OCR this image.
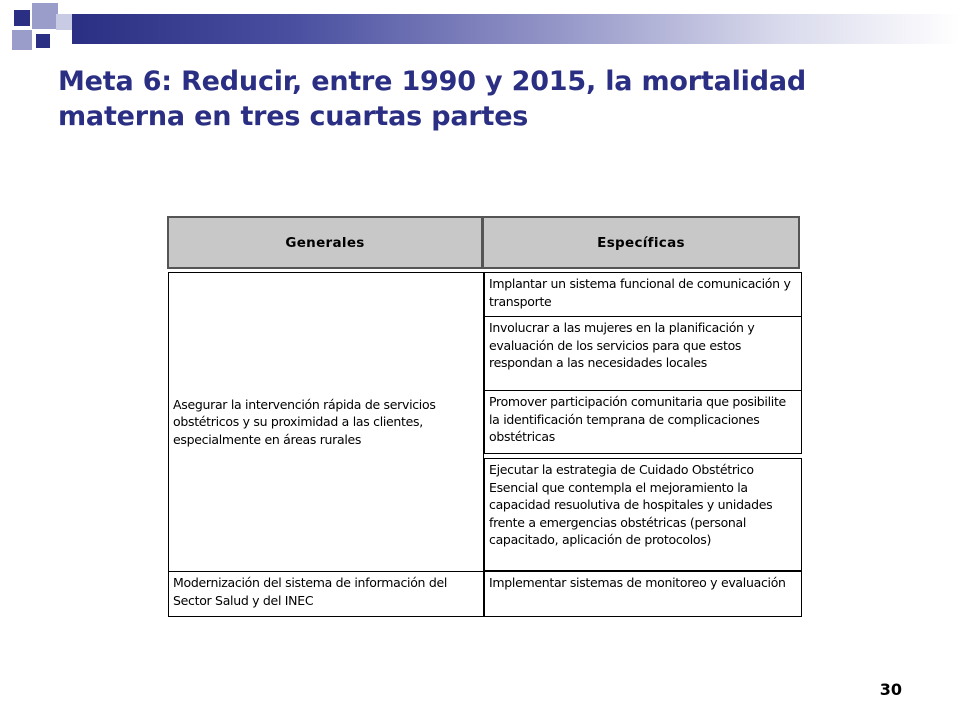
Meta 6: Reducir, entre 1990 y 2015, la mortalidad materna en tres cuartas partes
Generales	Específicas
Asegurar la intervención rápida de servicios obstétricos y su proximidad a las clientes, especialmente en áreas rurales
Modernización del sistema de información del Sector Salud y del INEC
Implantar un sistema funcional de comunicación y transporte
Involucrar a las mujeres en la planificación y evaluación de los servicios para que estos respondan a las necesidades locales
Promover participación comunitaria que posibilite la identificación temprana de complicaciones obstétricas
Ejecutar la estrategia de Cuidado Obstétrico Esencial que contempla el mejoramiento la capacidad resuolutiva de hospitales y unidades frente a emergencias obstétricas (personal capacitado, aplicación de protocolos)
Implementar sistemas de monitoreo y evaluación
30
